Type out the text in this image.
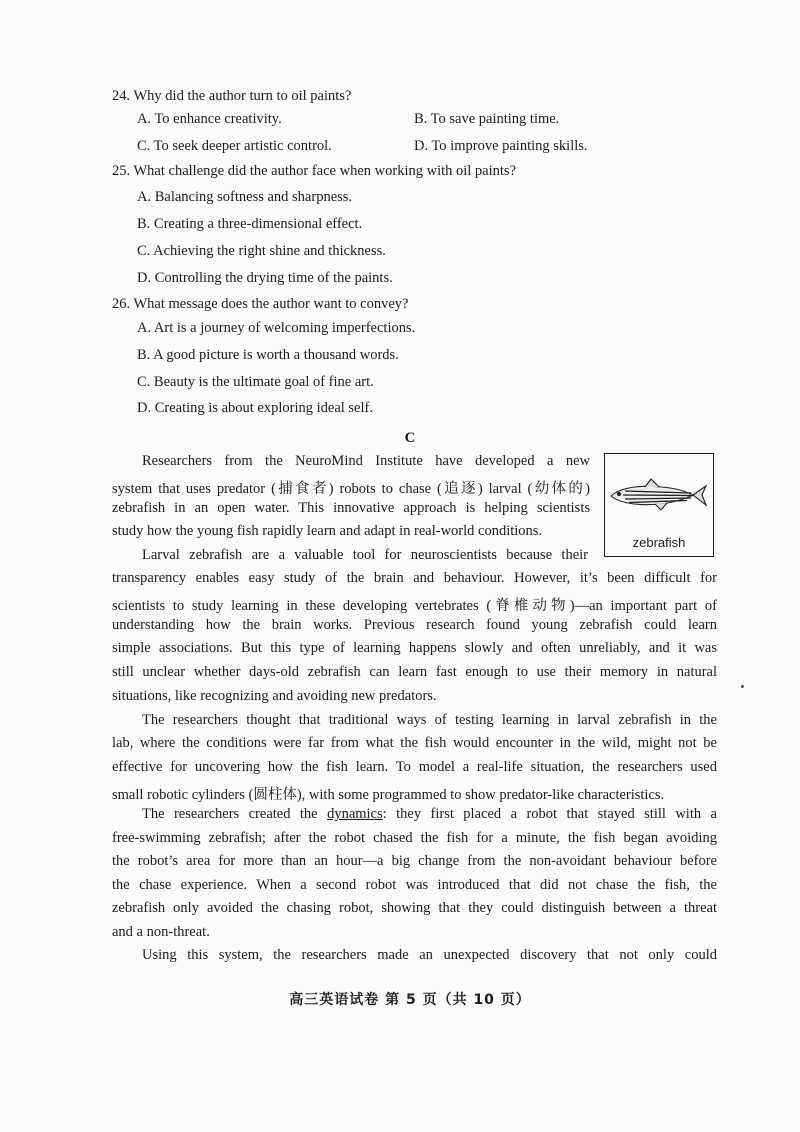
24. Why did the author turn to oil paints?
A. To enhance creativity.	B. To save painting time.
C. To seek deeper artistic control.	D. To improve painting skills.
25. What challenge did the author face when working with oil paints?
A. Balancing softness and sharpness.
B. Creating a three-dimensional effect.
C. Achieving the right shine and thickness.
D. Controlling the drying time of the paints.
26. What message does the author want to convey?
A. Art is a journey of welcoming imperfections.
B. A good picture is worth a thousand words.
C. Beauty is the ultimate goal of fine art.
D. Creating is about exploring ideal self.
C
zebrafish
Researchers from the NeuroMind Institute have developed a new
system that uses predator (捕食者) robots to chase (追逐) larval (幼体的)
zebrafish in an open water. This innovative approach is helping scientists
study how the young fish rapidly learn and adapt in real-world conditions.
Larval zebrafish are a valuable tool for neuroscientists because their
transparency enables easy study of the brain and behaviour. However, it’s been difficult for
scientists to study learning in these developing vertebrates (脊椎动物)—an important part of
understanding how the brain works. Previous research found young zebrafish could learn
simple associations. But this type of learning happens slowly and often unreliably, and it was
still unclear whether days-old zebrafish can learn fast enough to use their memory in natural
situations, like recognizing and avoiding new predators.
The researchers thought that traditional ways of testing learning in larval zebrafish in the
lab, where the conditions were far from what the fish would encounter in the wild, might not be
effective for uncovering how the fish learn. To model a real-life situation, the researchers used
small robotic cylinders (圆柱体), with some programmed to show predator-like characteristics.
The researchers created the dynamics: they first placed a robot that stayed still with a
free-swimming zebrafish; after the robot chased the fish for a minute, the fish began avoiding
the robot’s area for more than an hour—a big change from the non-avoidant behaviour before
the chase experience. When a second robot was introduced that did not chase the fish, the
zebrafish only avoided the chasing robot, showing that they could distinguish between a threat
and a non-threat.
Using this system, the researchers made an unexpected discovery that not only could
高三英语试卷 第 5 页（共 10 页）
